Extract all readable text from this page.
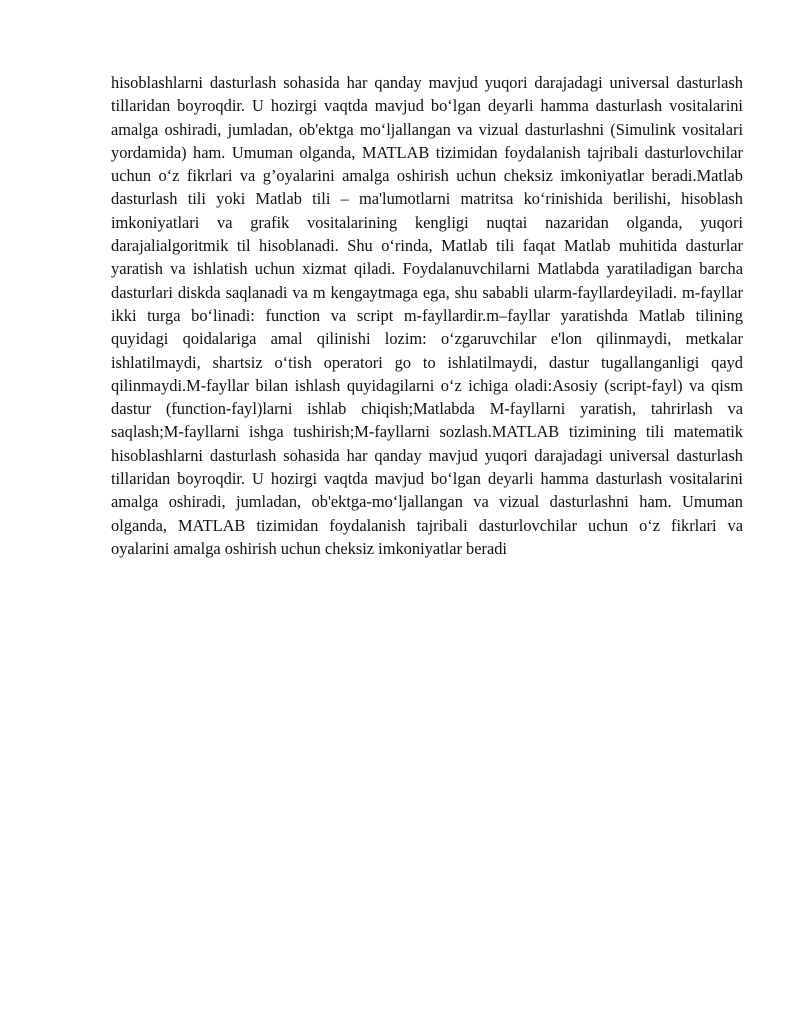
hisoblashlarni dasturlash sohasida har qanday mavjud yuqori darajadagi universal dasturlash tillaridan boyroqdir. U hozirgi vaqtda mavjud bo‘lgan deyarli hamma dasturlash vositalarini amalga oshiradi, jumladan, ob'ektga mo‘ljallangan va vizual dasturlashni (Simulink vositalari yordamida) ham. Umuman olganda, MATLAB tizimidan foydalanish tajribali dasturlovchilar uchun o‘z fikrlari va g’oyalarini amalga oshirish uchun cheksiz imkoniyatlar beradi.Matlab dasturlash tili yoki Matlab tili – ma'lumotlarni matritsa ko‘rinishida berilishi, hisoblash imkoniyatlari va grafik vositalarining kengligi nuqtai nazaridan olganda, yuqori darajalialgoritmik til hisoblanadi. Shu o‘rinda, Matlab tili faqat Matlab muhitida dasturlar yaratish va ishlatish uchun xizmat qiladi. Foydalanuvchilarni Matlabda yaratiladigan barcha dasturlari diskda saqlanadi va m kengaytmaga ega, shu sababli ularm-fayllardeyiladi. m-fayllar ikki turga bo‘linadi: function va script m-fayllardir.m–fayllar yaratishda Matlab tilining quyidagi qoidalariga amal qilinishi lozim: o‘zgaruvchilar e'lon qilinmaydi, metkalar ishlatilmaydi, shartsiz o‘tish operatori go to ishlatilmaydi, dastur tugallanganligi qayd qilinmaydi.M-fayllar bilan ishlash quyidagilarni o‘z ichiga oladi:Asosiy (script-fayl) va qism dastur (function-fayl)larni ishlab chiqish;Matlabda M-fayllarni yaratish, tahrirlash va saqlash;M-fayllarni ishga tushirish;M-fayllarni sozlash.MATLAB tizimining tili matematik hisoblashlarni dasturlash sohasida har qanday mavjud yuqori darajadagi universal dasturlash tillaridan boyroqdir. U hozirgi vaqtda mavjud bo‘lgan deyarli hamma dasturlash vositalarini amalga oshiradi, jumladan, ob'ektga-mo‘ljallangan va vizual dasturlashni ham. Umuman olganda, MATLAB tizimidan foydalanish tajribali dasturlovchilar uchun o‘z fikrlari va oyalarini amalga oshirish uchun cheksiz imkoniyatlar beradi
